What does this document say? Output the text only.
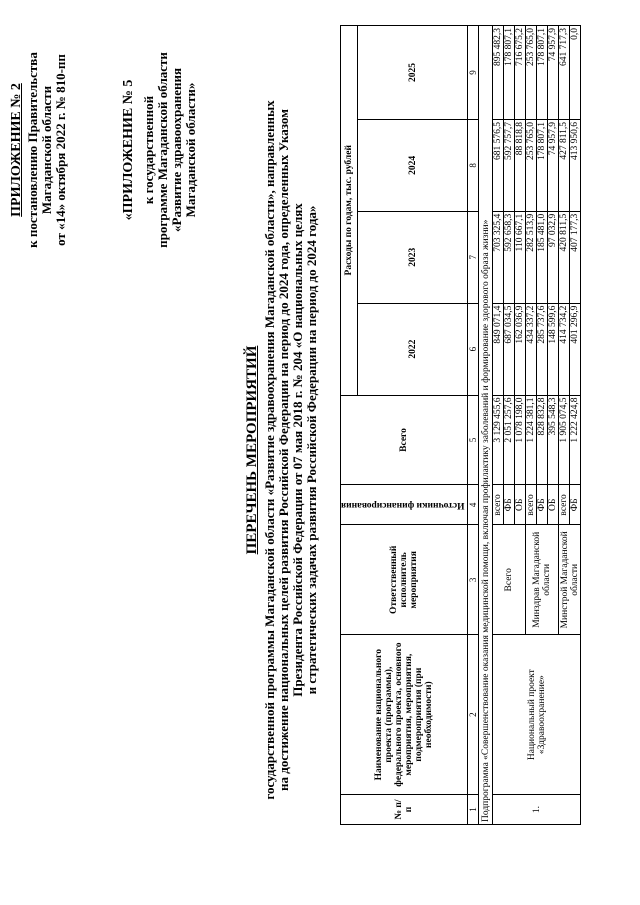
ПРИЛОЖЕНИЕ № 2 к постановлению Правительства Магаданской области от «14» октября 2022 г. № 810-пп	«ПРИЛОЖЕНИЕ № 5 к государственной программе Магаданской области «Развитие здравоохранения Магаданской области»
ПЕРЕЧЕНЬ МЕРОПРИЯТИЙ государственной программы Магаданской области «Развитие здравоохранения Магаданской области», направленных на достижение национальных целей развития Российской Федерации на период до 2024 года, определенных Указом Президента Российской Федерации от 07 мая 2018 г. № 204 «О национальных целях и стратегических задачах развития Российской Федерации на период до 2024 года»
№ п/п	Наименование национального проекта (программы), федерального проекта, основного мероприятия, мероприятия, подмероприятия (при необходимости)	Ответственный исполнитель мероприятия	Источники финансирования	Всего	Расходы по годам, тыс. рублей			
					2022	2023	2024	2025
1	2	3	4	5	6	7	8	9
Подпрограмма «Совершенствование оказания медицинской помощи, включая профилактику заболеваний и формирование здорового образа жизни»								
1.	Национальный проект «Здравоохранение»	Всего	всего	3 129 455,6	849 071,4	703 325,4	681 576,5	895 482,3
			ФБ	2 051 257,6	687 034,5	592 658,3	592 757,7	178 807,1
			ОБ	1 078 198,0	162 036,9	110 667,1	88 818,8	716 675,2
		Минздрав Магаданской области	всего	1 224 381,1	434 337,2	282 513,9	253 765,0	253 765,0
			ФБ	828 832,8	285 737,6	185 481,0	178 807,1	178 807,1
			ОБ	395 548,3	148 599,6	97 032,9	74 957,9	74 957,9
		Минстрой Магаданской области	всего	1 905 074,5	414 734,2	420 811,5	427 811,5	641 717,3
			ФБ	1 222 424,8	401 296,9	407 177,3	413 950,6	0,0
